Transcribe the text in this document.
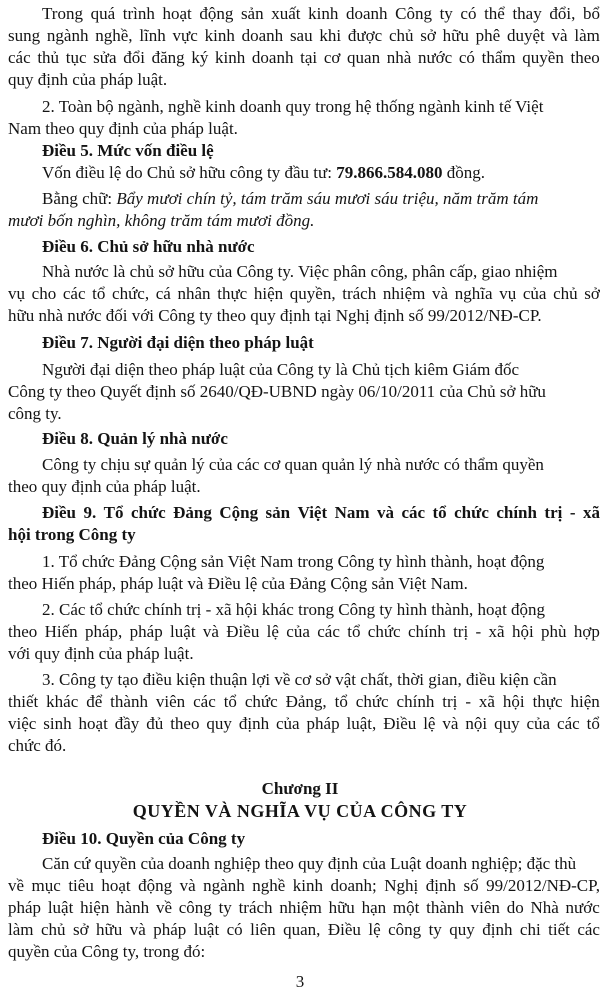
Trong quá trình hoạt động sản xuất kinh doanh Công ty có thể thay đổi, bổ
sung ngành nghề, lĩnh vực kinh doanh sau khi được chủ sở hữu phê duyệt và làm
các thủ tục sửa đổi đăng ký kinh doanh tại cơ quan nhà nước có thẩm quyền theo
quy định của pháp luật.
2. Toàn bộ ngành, nghề kinh doanh quy trong hệ thống ngành kinh tế Việt
Nam theo quy định của pháp luật.
Điều 5. Mức vốn điều lệ
Vốn điều lệ do Chủ sở hữu công ty đầu tư: 79.866.584.080 đồng.
Bằng chữ: Bẩy mươi chín tỷ, tám trăm sáu mươi sáu triệu, năm trăm tám
mươi bốn nghìn, không trăm tám mươi đồng.
Điều 6. Chủ sở hữu nhà nước
Nhà nước là chủ sở hữu của Công ty. Việc phân công, phân cấp, giao nhiệm
vụ cho các tổ chức, cá nhân thực hiện quyền, trách nhiệm và nghĩa vụ của chủ sở
hữu nhà nước đối với Công ty theo quy định tại Nghị định số 99/2012/NĐ-CP.
Điều 7. Người đại diện theo pháp luật
Người đại diện theo pháp luật của Công ty là Chủ tịch kiêm Giám đốc
Công ty theo Quyết định số 2640/QĐ-UBND ngày 06/10/2011 của Chủ sở hữu
công ty.
Điều 8. Quản lý nhà nước
Công ty chịu sự quản lý của các cơ quan quản lý nhà nước có thẩm quyền
theo quy định của pháp luật.
Điều 9. Tổ chức Đảng Cộng sản Việt Nam và các tổ chức chính trị - xã
hội trong Công ty
1. Tổ chức Đảng Cộng sản Việt Nam trong Công ty hình thành, hoạt động
theo Hiến pháp, pháp luật và Điều lệ của Đảng Cộng sản Việt Nam.
2. Các tổ chức chính trị - xã hội khác trong Công ty hình thành, hoạt động
theo Hiến pháp, pháp luật và Điều lệ của các tổ chức chính trị - xã hội phù hợp
với quy định của pháp luật.
3. Công ty tạo điều kiện thuận lợi về cơ sở vật chất, thời gian, điều kiện cần
thiết khác để thành viên các tổ chức Đảng, tổ chức chính trị - xã hội thực hiện
việc sinh hoạt đầy đủ theo quy định của pháp luật, Điều lệ và nội quy của các tổ
chức đó.
Chương II
QUYỀN VÀ NGHĨA VỤ CỦA CÔNG TY
Điều 10. Quyền của Công ty
Căn cứ quyền của doanh nghiệp theo quy định của Luật doanh nghiệp; đặc thù
về mục tiêu hoạt động và ngành nghề kinh doanh; Nghị định số 99/2012/NĐ-CP,
pháp luật hiện hành về công ty trách nhiệm hữu hạn một thành viên do Nhà nước
làm chủ sở hữu và pháp luật có liên quan, Điều lệ công ty quy định chi tiết các
quyền của Công ty, trong đó:
3
